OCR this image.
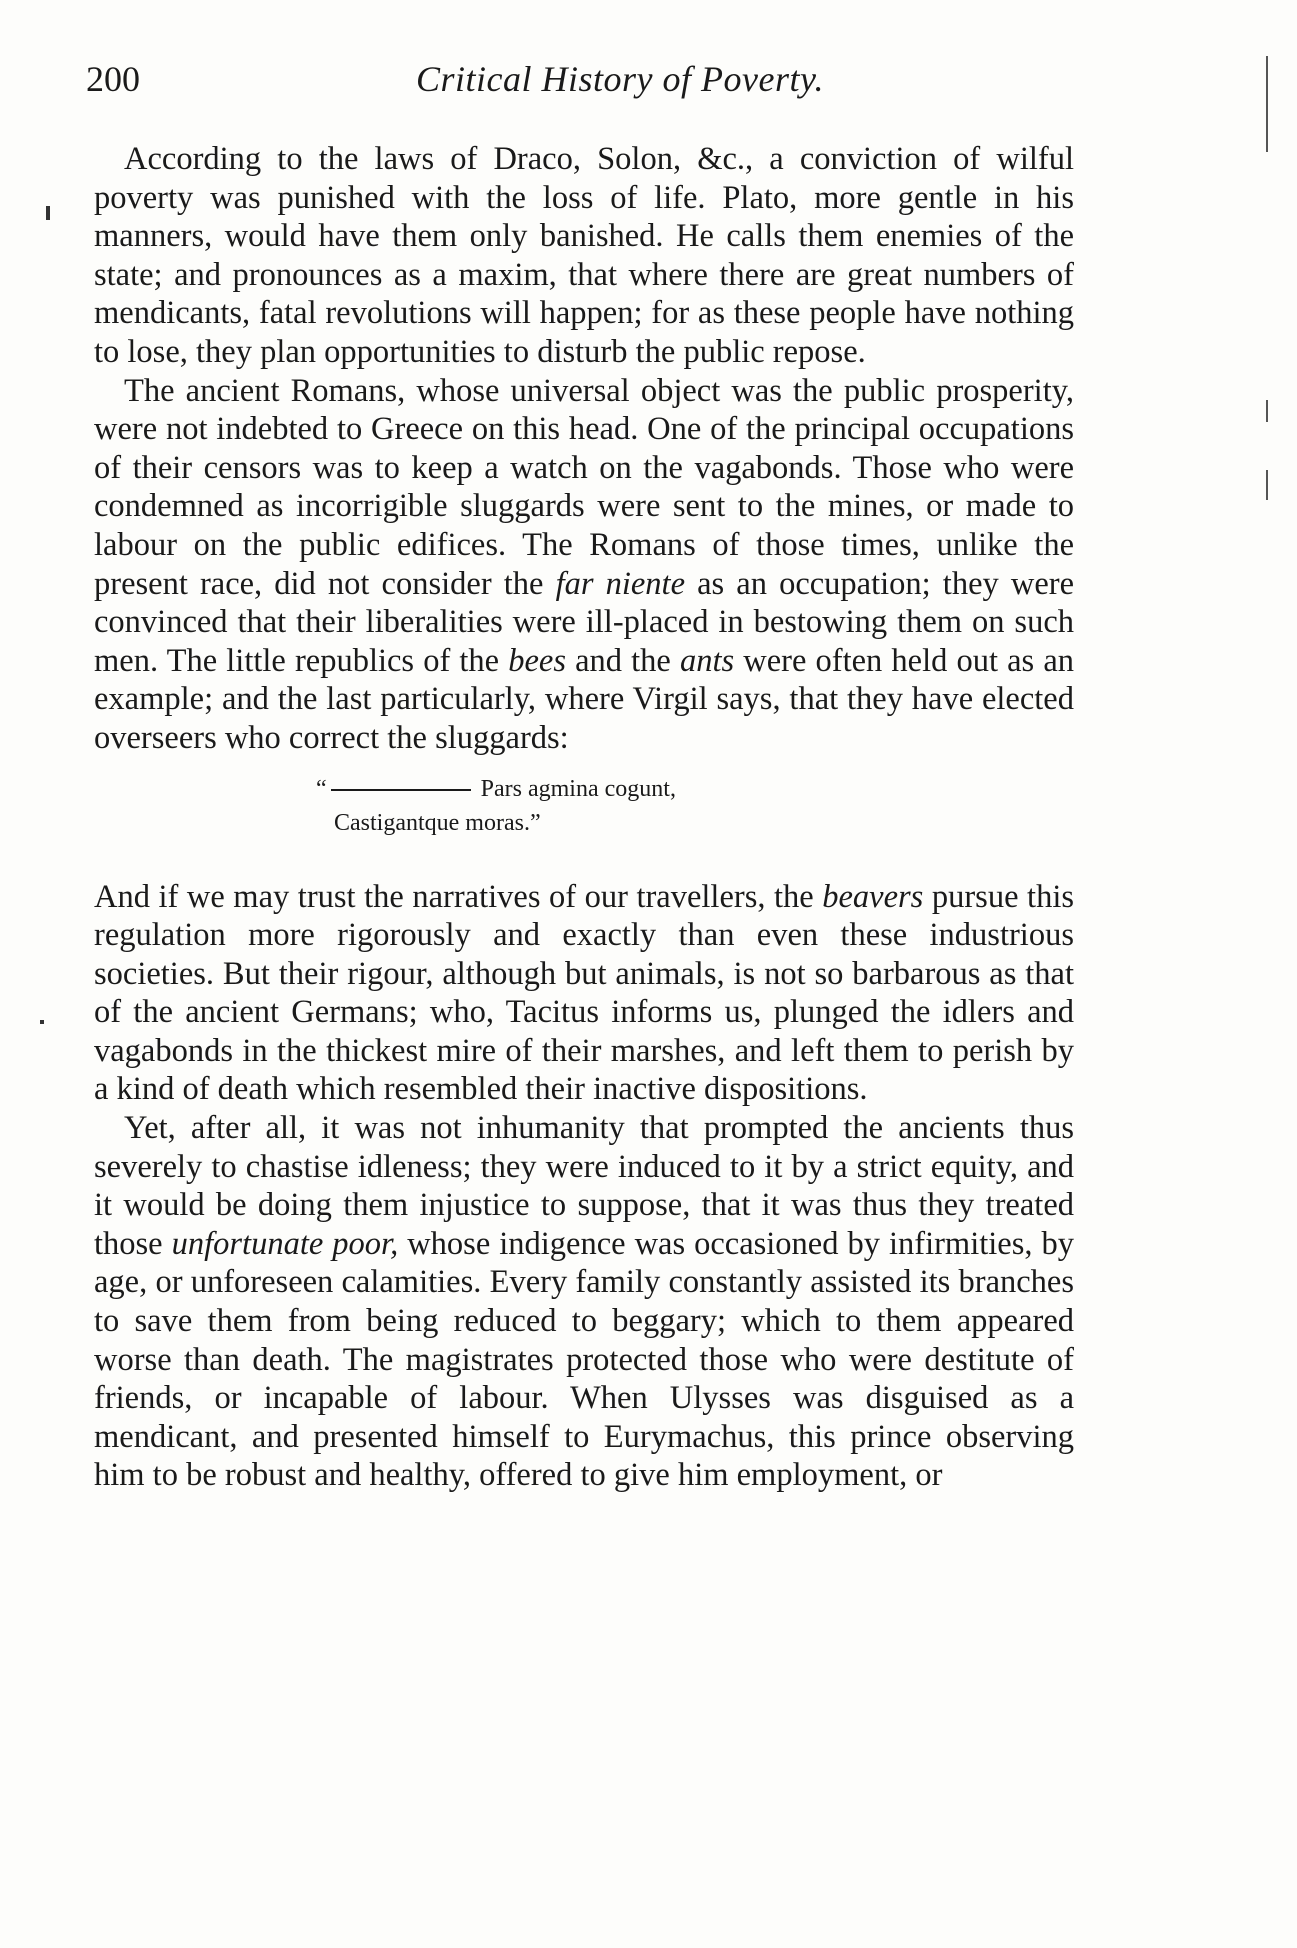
200	Critical History of Poverty.

According to the laws of Draco, Solon, &c., a conviction of wilful poverty was punished with the loss of life. Plato, more gentle in his manners, would have them only banished. He calls them enemies of the state; and pronounces as a maxim, that where there are great numbers of mendicants, fatal revolutions will happen; for as these people have nothing to lose, they plan opportunities to disturb the public repose.

The ancient Romans, whose universal object was the public prosperity, were not indebted to Greece on this head. One of the principal occupations of their censors was to keep a watch on the vagabonds. Those who were condemned as incorrigible sluggards were sent to the mines, or made to labour on the public edifices. The Romans of those times, unlike the present race, did not consider the far niente as an occupation; they were convinced that their liberalities were ill-placed in bestowing them on such men. The little republics of the bees and the ants were often held out as an example; and the last particularly, where Virgil says, that they have elected overseers who correct the sluggards:

“	Pars agmina cogunt,
Castigantque moras.”

And if we may trust the narratives of our travellers, the beavers pursue this regulation more rigorously and exactly than even these industrious societies. But their rigour, although but animals, is not so barbarous as that of the ancient Germans; who, Tacitus informs us, plunged the idlers and vagabonds in the thickest mire of their marshes, and left them to perish by a kind of death which resembled their inactive dispositions.

Yet, after all, it was not inhumanity that prompted the ancients thus severely to chastise idleness; they were induced to it by a strict equity, and it would be doing them injustice to suppose, that it was thus they treated those unfortunate poor, whose indigence was occasioned by infirmities, by age, or unforeseen calamities. Every family constantly assisted its branches to save them from being reduced to beggary; which to them appeared worse than death. The magistrates protected those who were destitute of friends, or incapable of labour. When Ulysses was disguised as a mendicant, and presented himself to Eurymachus, this prince observing him to be robust and healthy, offered to give him employment, or
